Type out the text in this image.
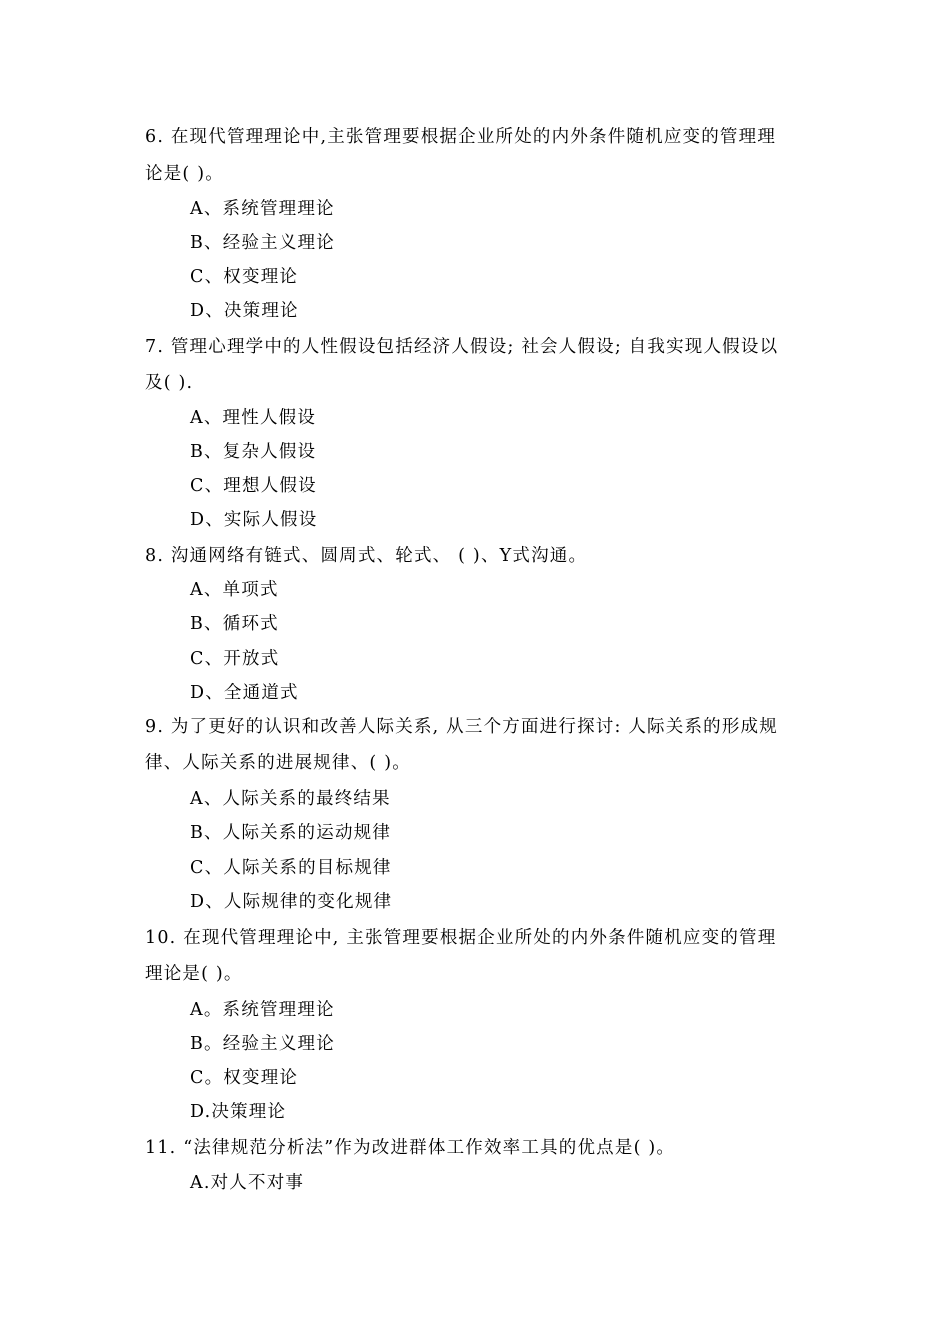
6. 在现代管理理论中,主张管理要根据企业所处的内外条件随机应变的管理理
论是( )。
A、系统管理理论
B、经验主义理论
C、权变理论
D、决策理论
7. 管理心理学中的人性假设包括经济人假设; 社会人假设; 自我实现人假设以
及( ).
A、理性人假设
B、复杂人假设
C、理想人假设
D、实际人假设
8. 沟通网络有链式、圆周式、轮式、 ( )、Y式沟通。
A、单项式
B、循环式
C、开放式
D、全通道式
9. 为了更好的认识和改善人际关系, 从三个方面进行探讨: 人际关系的形成规
律、人际关系的进展规律、( )。
A、人际关系的最终结果
B、人际关系的运动规律
C、人际关系的目标规律
D、人际规律的变化规律
10. 在现代管理理论中, 主张管理要根据企业所处的内外条件随机应变的管理
理论是( )。
A。系统管理理论
B。经验主义理论
C。权变理论
D.决策理论
11. “法律规范分析法”作为改进群体工作效率工具的优点是( )。
A.对人不对事
